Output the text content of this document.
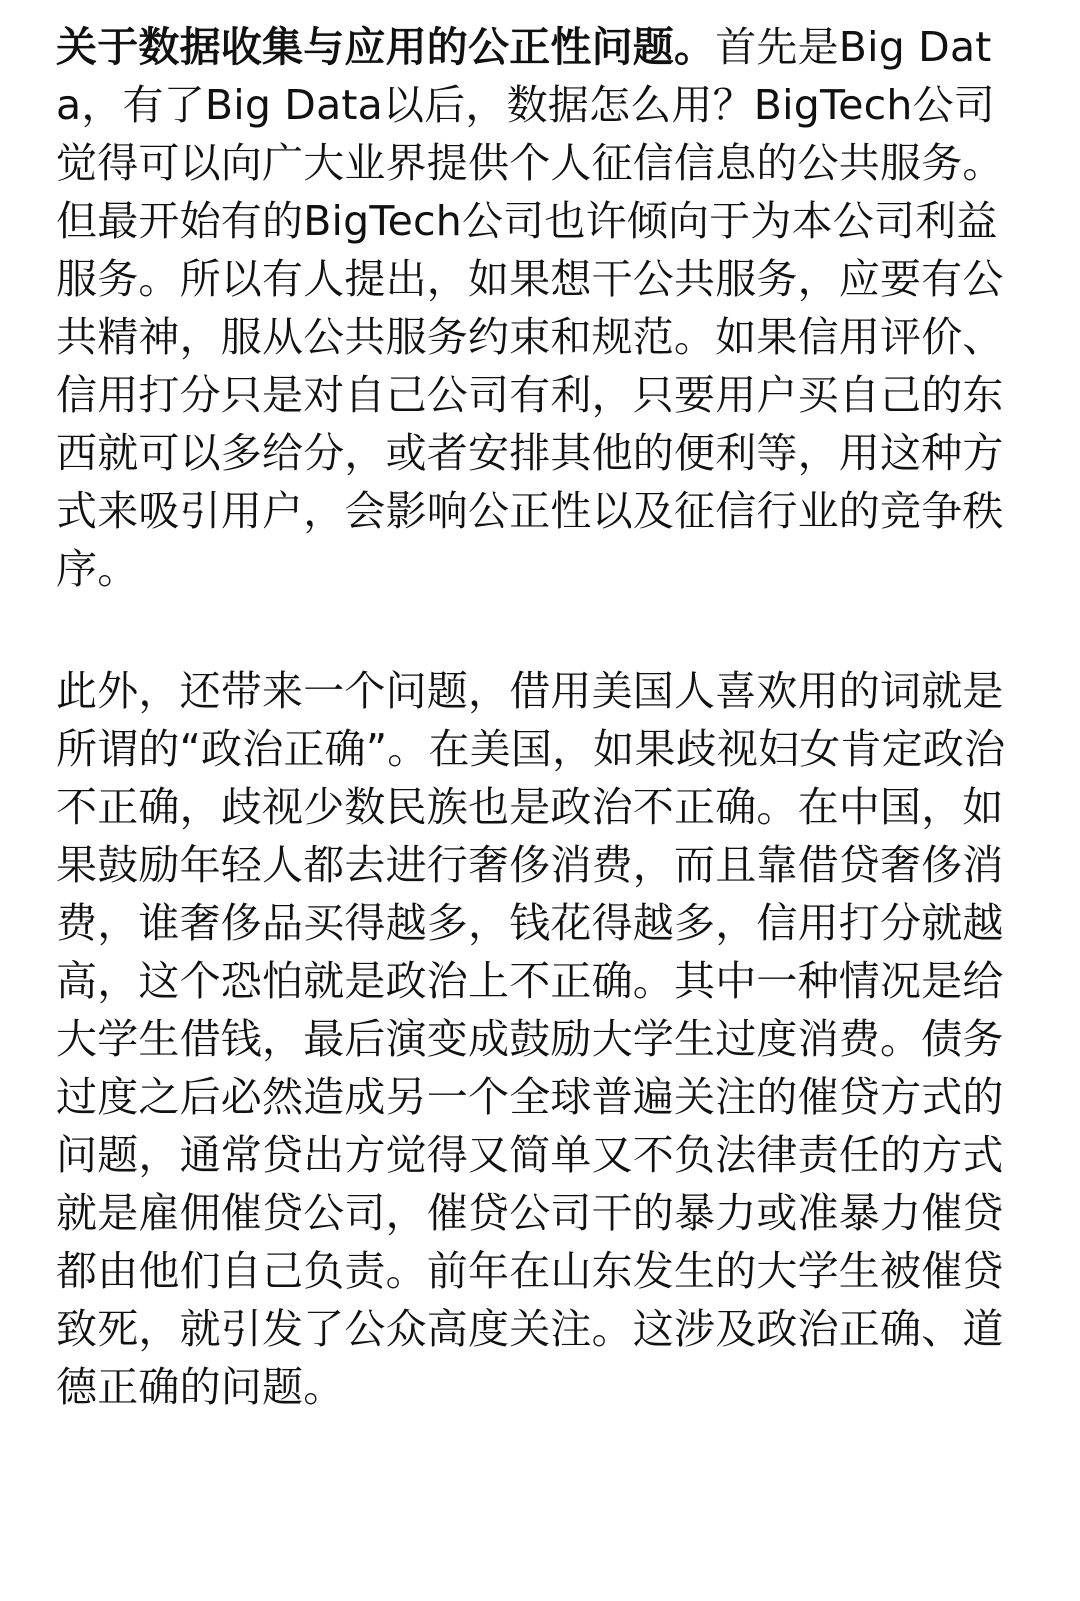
关于数据收集与应用的公正性问题。首先是Big Data，有了Big Data以后，数据怎么用？BigTech公司觉得可以向广大业界提供个人征信信息的公共服务。但最开始有的BigTech公司也许倾向于为本公司利益服务。所以有人提出，如果想干公共服务，应要有公共精神，服从公共服务约束和规范。如果信用评价、信用打分只是对自己公司有利，只要用户买自己的东西就可以多给分，或者安排其他的便利等，用这种方式来吸引用户，会影响公正性以及征信行业的竞争秩序。

此外，还带来一个问题，借用美国人喜欢用的词就是所谓的“政治正确”。在美国，如果歧视妇女肯定政治不正确，歧视少数民族也是政治不正确。在中国，如果鼓励年轻人都去进行奢侈消费，而且靠借贷奢侈消费，谁奢侈品买得越多，钱花得越多，信用打分就越高，这个恐怕就是政治上不正确。其中一种情况是给大学生借钱，最后演变成鼓励大学生过度消费。债务过度之后必然造成另一个全球普遍关注的催贷方式的问题，通常贷出方觉得又简单又不负法律责任的方式就是雇佣催贷公司，催贷公司干的暴力或准暴力催贷都由他们自己负责。前年在山东发生的大学生被催贷致死，就引发了公众高度关注。这涉及政治正确、道德正确的问题。
